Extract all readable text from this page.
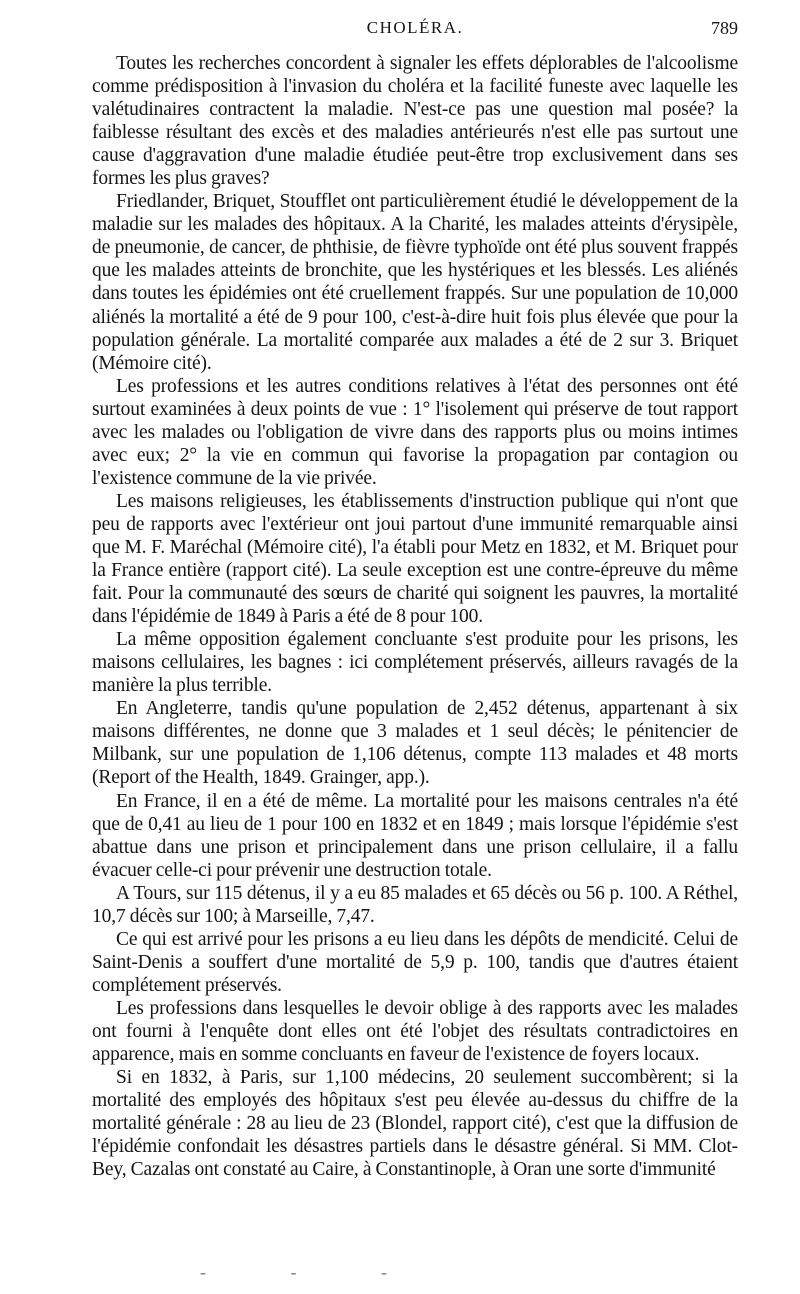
CHOLÉRA.	789

Toutes les recherches concordent à signaler les effets déplorables de l'alcoolisme comme prédisposition à l'invasion du choléra et la facilité funeste avec laquelle les valétudinaires contractent la maladie. N'est-ce pas une question mal posée? la faiblesse résultant des excès et des maladies antérieurés n'est elle pas surtout une cause d'aggravation d'une maladie étudiée peut-être trop exclusivement dans ses formes les plus graves?

Friedlander, Briquet, Stoufflet ont particulièrement étudié le développement de la maladie sur les malades des hôpitaux. A la Charité, les malades atteints d'érysipèle, de pneumonie, de cancer, de phthisie, de fièvre typhoïde ont été plus souvent frappés que les malades atteints de bronchite, que les hystériques et les blessés. Les aliénés dans toutes les épidémies ont été cruellement frappés. Sur une population de 10,000 aliénés la mortalité a été de 9 pour 100, c'est-à-dire huit fois plus élevée que pour la population générale. La mortalité comparée aux malades a été de 2 sur 3. Briquet (Mémoire cité).

Les professions et les autres conditions relatives à l'état des personnes ont été surtout examinées à deux points de vue : 1° l'isolement qui préserve de tout rapport avec les malades ou l'obligation de vivre dans des rapports plus ou moins intimes avec eux; 2° la vie en commun qui favorise la propagation par contagion ou l'existence commune de la vie privée.

Les maisons religieuses, les établissements d'instruction publique qui n'ont que peu de rapports avec l'extérieur ont joui partout d'une immunité remarquable ainsi que M. F. Maréchal (Mémoire cité), l'a établi pour Metz en 1832, et M. Briquet pour la France entière (rapport cité). La seule exception est une contre-épreuve du même fait. Pour la communauté des sœurs de charité qui soignent les pauvres, la mortalité dans l'épidémie de 1849 à Paris a été de 8 pour 100.

La même opposition également concluante s'est produite pour les prisons, les maisons cellulaires, les bagnes : ici complétement préservés, ailleurs ravagés de la manière la plus terrible.

En Angleterre, tandis qu'une population de 2,452 détenus, appartenant à six maisons différentes, ne donne que 3 malades et 1 seul décès; le pénitencier de Milbank, sur une population de 1,106 détenus, compte 113 malades et 48 morts (Report of the Health, 1849. Grainger, app.).

En France, il en a été de même. La mortalité pour les maisons centrales n'a été que de 0,41 au lieu de 1 pour 100 en 1832 et en 1849 ; mais lorsque l'épidémie s'est abattue dans une prison et principalement dans une prison cellulaire, il a fallu évacuer celle-ci pour prévenir une destruction totale.

A Tours, sur 115 détenus, il y a eu 85 malades et 65 décès ou 56 p. 100. A Réthel, 10,7 décès sur 100; à Marseille, 7,47.

Ce qui est arrivé pour les prisons a eu lieu dans les dépôts de mendicité. Celui de Saint-Denis a souffert d'une mortalité de 5,9 p. 100, tandis que d'autres étaient complétement préservés.

Les professions dans lesquelles le devoir oblige à des rapports avec les malades ont fourni à l'enquête dont elles ont été l'objet des résultats contradictoires en apparence, mais en somme concluants en faveur de l'existence de foyers locaux.

Si en 1832, à Paris, sur 1,100 médecins, 20 seulement succombèrent; si la mortalité des employés des hôpitaux s'est peu élevée au-dessus du chiffre de la mortalité générale : 28 au lieu de 23 (Blondel, rapport cité), c'est que la diffusion de l'épidémie confondait les désastres partiels dans le désastre général. Si MM. Clot-Bey, Cazalas ont constaté au Caire, à Constantinople, à Oran une sorte d'immunité

- - -
